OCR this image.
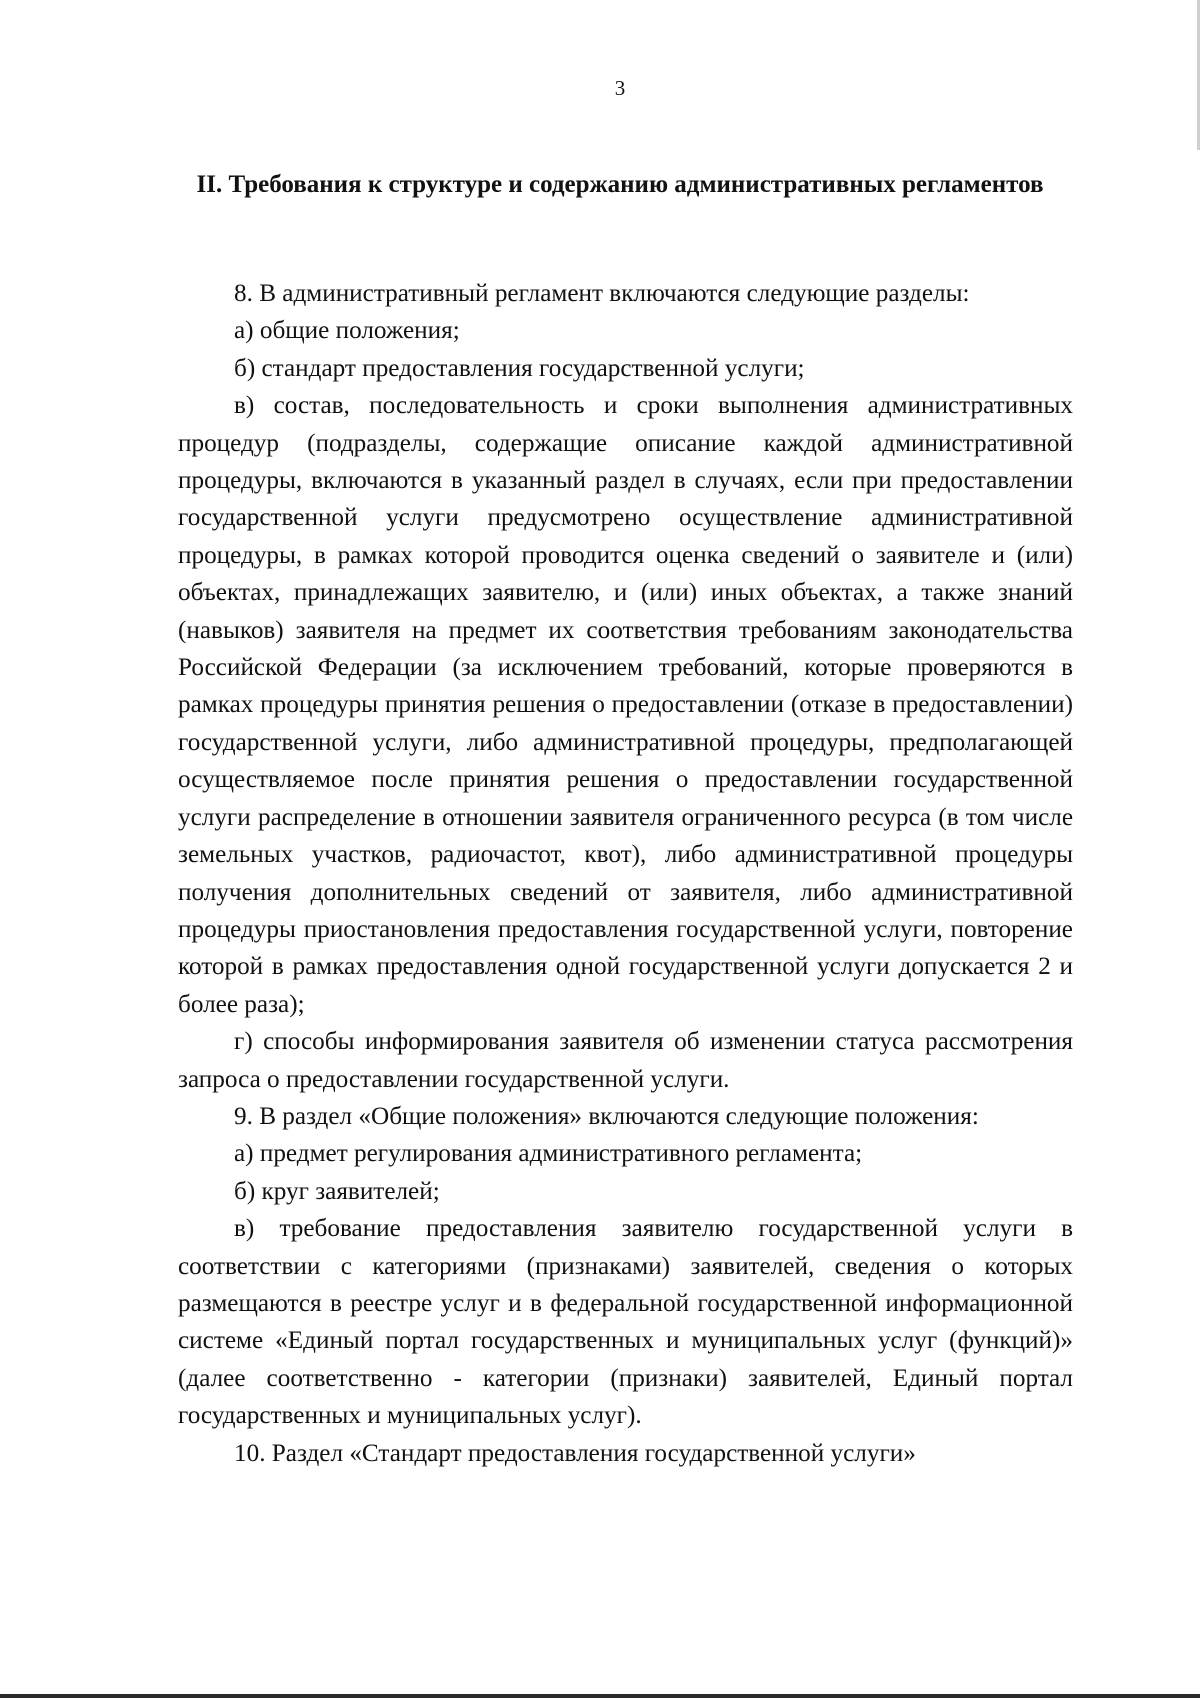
3
II. Требования к структуре и содержанию административных регламентов

8. В административный регламент включаются следующие разделы:

а) общие положения;

б) стандарт предоставления государственной услуги;

в) состав, последовательность и сроки выполнения административных процедур (подразделы, содержащие описание каждой административной процедуры, включаются в указанный раздел в случаях, если при предоставлении государственной услуги предусмотрено осуществление административной процедуры, в рамках которой проводится оценка сведений о заявителе и (или) объектах, принадлежащих заявителю, и (или) иных объектах, а также знаний (навыков) заявителя на предмет их соответствия требованиям законодательства Российской Федерации (за исключением требований, которые проверяются в рамках процедуры принятия решения о предоставлении (отказе в предоставлении) государственной услуги, либо административной процедуры, предполагающей осуществляемое после принятия решения о предоставлении государственной услуги распределение в отношении заявителя ограниченного ресурса (в том числе земельных участков, радиочастот, квот), либо административной процедуры получения дополнительных сведений от заявителя, либо административной процедуры приостановления предоставления государственной услуги, повторение которой в рамках предоставления одной государственной услуги допускается 2 и более раза);

г) способы информирования заявителя об изменении статуса рассмотрения запроса о предоставлении государственной услуги.

9. В раздел «Общие положения» включаются следующие положения:

а) предмет регулирования административного регламента;

б) круг заявителей;

в) требование предоставления заявителю государственной услуги в соответствии с категориями (признаками) заявителей, сведения о которых размещаются в реестре услуг и в федеральной государственной информационной системе «Единый портал государственных и муниципальных услуг (функций)» (далее соответственно - категории (признаки) заявителей, Единый портал государственных и муниципальных услуг).

10. Раздел «Стандарт предоставления государственной услуги»
